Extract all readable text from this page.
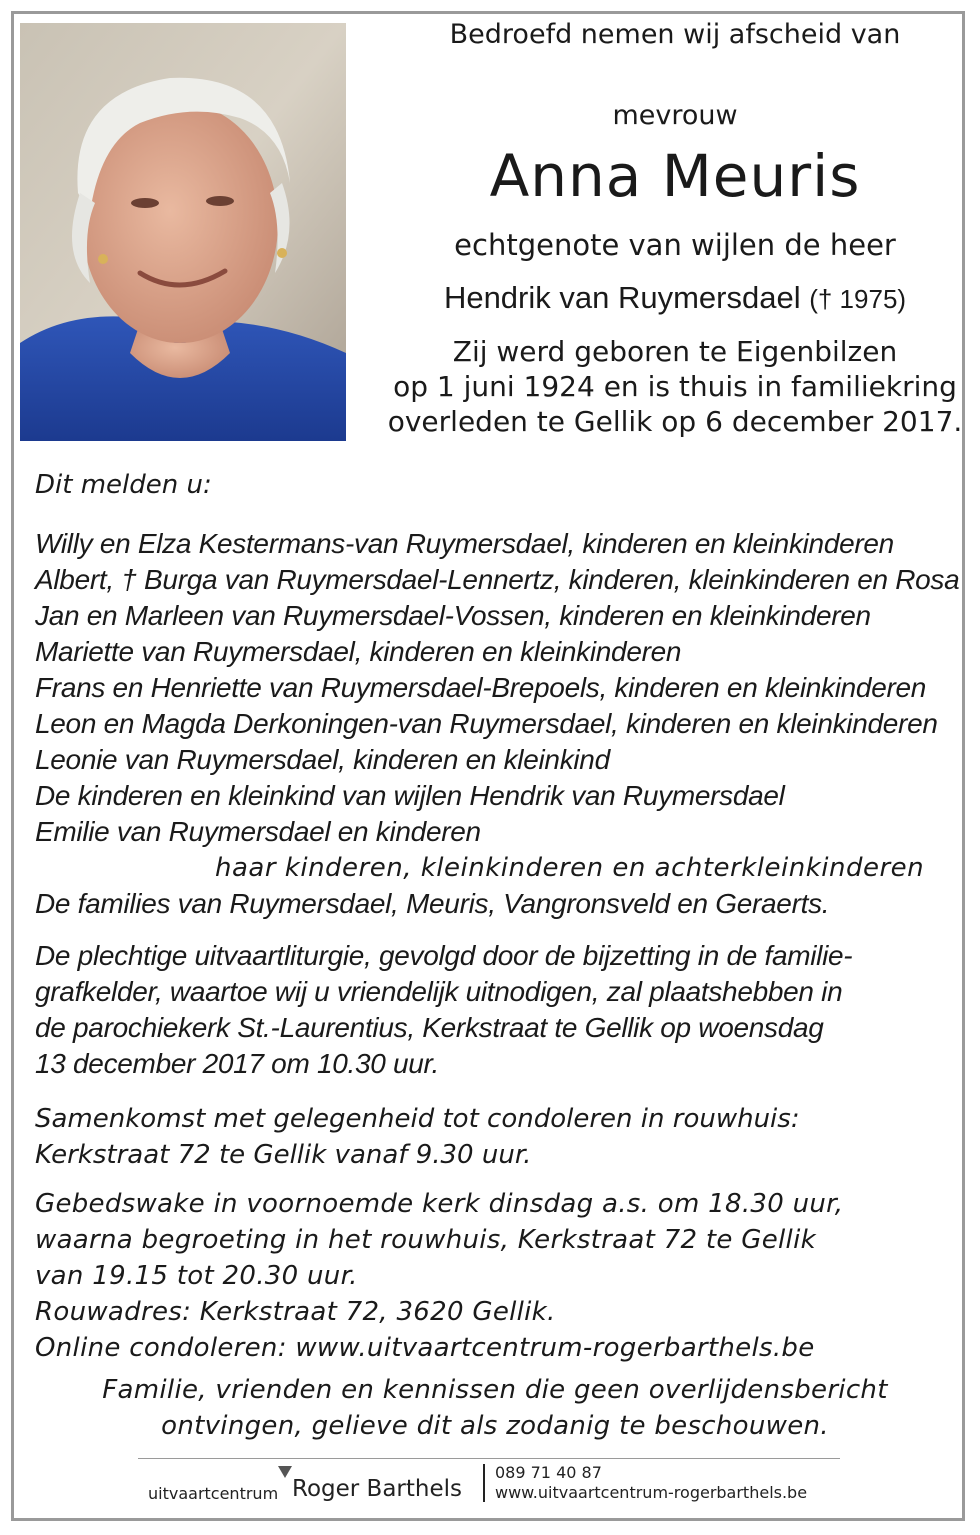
Bedroefd nemen wij afscheid van
mevrouw
Anna Meuris
echtgenote van wijlen de heer
Hendrik van Ruymersdael († 1975)
Zij werd geboren te Eigenbilzen
op 1 juni 1924 en is thuis in familiekring
overleden te Gellik op 6 december 2017.
Dit melden u:
Willy en Elza Kestermans-van Ruymersdael, kinderen en kleinkinderen
Albert, † Burga van Ruymersdael-Lennertz, kinderen, kleinkinderen en Rosa
Jan en Marleen van Ruymersdael-Vossen, kinderen en kleinkinderen
Mariette van Ruymersdael, kinderen en kleinkinderen
Frans en Henriette van Ruymersdael-Brepoels, kinderen en kleinkinderen
Leon en Magda Derkoningen-van Ruymersdael, kinderen en kleinkinderen
Leonie van Ruymersdael, kinderen en kleinkind
De kinderen en kleinkind van wijlen Hendrik van Ruymersdael
Emilie van Ruymersdael en kinderen
haar kinderen, kleinkinderen en achterkleinkinderen
De families van Ruymersdael, Meuris, Vangronsveld en Geraerts.
De plechtige uitvaartliturgie, gevolgd door de bijzetting in de familie-
grafkelder, waartoe wij u vriendelijk uitnodigen, zal plaatshebben in
de parochiekerk St.-Laurentius, Kerkstraat te Gellik op woensdag
13 december 2017 om 10.30 uur.
Samenkomst met gelegenheid tot condoleren in rouwhuis:
Kerkstraat 72 te Gellik vanaf 9.30 uur.
Gebedswake in voornoemde kerk dinsdag a.s. om 18.30 uur,
waarna begroeting in het rouwhuis, Kerkstraat 72 te Gellik
van 19.15 tot 20.30 uur.
Rouwadres: Kerkstraat 72, 3620 Gellik.
Online condoleren: www.uitvaartcentrum-rogerbarthels.be
Familie, vrienden en kennissen die geen overlijdensbericht
ontvingen, gelieve dit als zodanig te beschouwen.
uitvaartcentrum Roger Barthels
089 71 40 87
www.uitvaartcentrum-rogerbarthels.be
